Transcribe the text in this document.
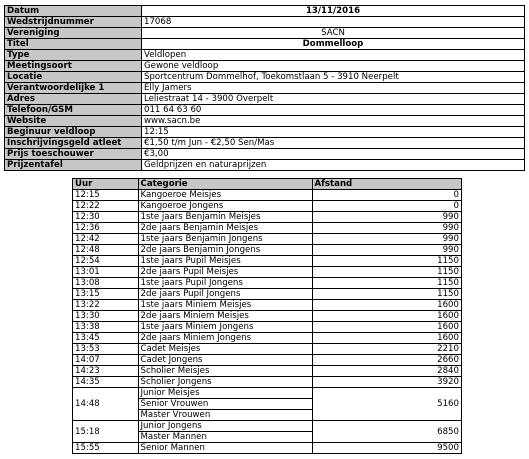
Datum	13/11/2016
Wedstrijdnummer	17068
Vereniging	SACN
Titel	Dommelloop
Type	Veldlopen
Meetingsoort	Gewone veldloop
Locatie	Sportcentrum Dommelhof, Toekomstlaan 5 - 3910 Neerpelt
Verantwoordelijke 1	Elly Jamers
Adres	Leliestraat 14 - 3900 Overpelt
Telefoon/GSM	011 64 63 60
Website	www.sacn.be
Beginuur veldloop	12:15
Inschrijvingsgeld atleet	€1,50 t/m Jun - €2,50 Sen/Mas
Prijs toeschouwer	€3,00
Prijzentafel	Geldprijzen en naturaprijzen
Uur	Categorie	Afstand
12:15	Kangoeroe Meisjes	0
12:22	Kangoeroe Jongens	0
12:30	1ste jaars Benjamin Meisjes	990
12:36	2de jaars Benjamin Meisjes	990
12:42	1ste jaars Benjamin Jongens	990
12:48	2de jaars Benjamin Jongens	990
12:54	1ste jaars Pupil Meisjes	1150
13:01	2de jaars Pupil Meisjes	1150
13:08	1ste jaars Pupil Jongens	1150
13:15	2de jaars Pupil Jongens	1150
13:22	1ste jaars Miniem Meisjes	1600
13:30	2de jaars Miniem Meisjes	1600
13:38	1ste jaars Miniem Jongens	1600
13:45	2de jaars Miniem Jongens	1600
13:53	Cadet Meisjes	2210
14:07	Cadet Jongens	2660
14:23	Scholier Meisjes	2840
14:35	Scholier Jongens	3920
14:48	Junior Meisjes	5160
	Senior Vrouwen	
	Master Vrouwen	
15:18	Junior Jongens	6850
	Master Mannen	
15:55	Senior Mannen	9500
